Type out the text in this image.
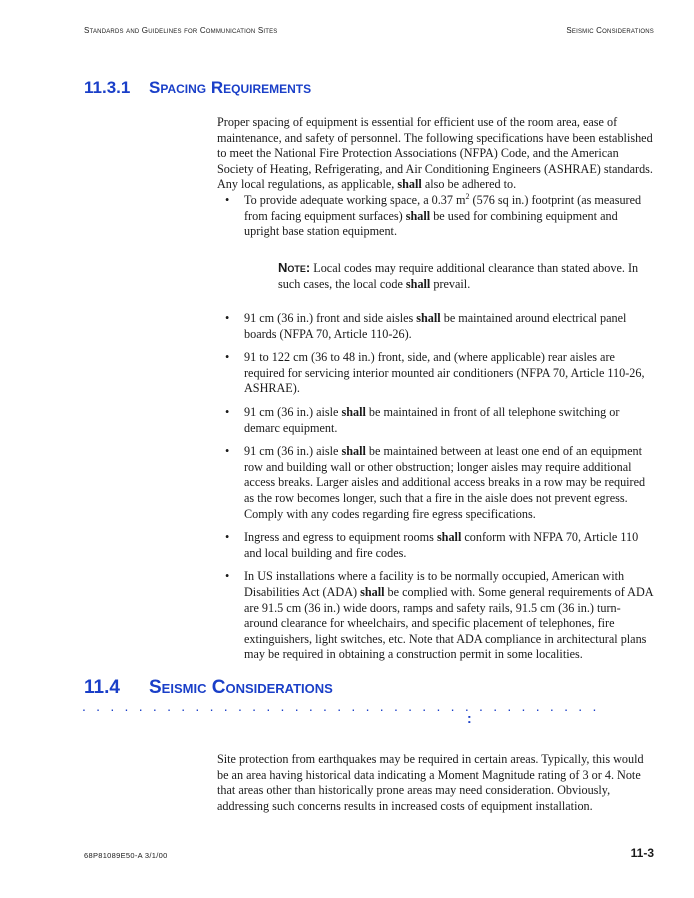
Standards and Guidelines for Communication Sites	Seismic Considerations
11.3.1 Spacing Requirements
Proper spacing of equipment is essential for efficient use of the room area, ease of maintenance, and safety of personnel. The following specifications have been established to meet the National Fire Protection Associations (NFPA) Code, and the American Society of Heating, Refrigerating, and Air Conditioning Engineers (ASHRAE) standards. Any local regulations, as applicable, shall also be adhered to.
• To provide adequate working space, a 0.37 $m^2$ (576 sq in.) footprint (as measured from facing equipment surfaces) shall be used for combining equipment and upright base station equipment.
Note: Local codes may require additional clearance than stated above. In such cases, the local code shall prevail.
• 91 cm (36 in.) front and side aisles shall be maintained around electrical panel boards (NFPA 70, Article 110-26).
• 91 to 122 cm (36 to 48 in.) front, side, and (where applicable) rear aisles are required for servicing interior mounted air conditioners (NFPA 70, Article 110-26, ASHRAE).
• 91 cm (36 in.) aisle shall be maintained in front of all telephone switching or demarc equipment.
• 91 cm (36 in.) aisle shall be maintained between at least one end of an equipment row and building wall or other obstruction; longer aisles may require additional access breaks. Larger aisles and additional access breaks in a row may be required as the row becomes longer, such that a fire in the aisle does not prevent egress. Comply with any codes regarding fire egress specifications.
• Ingress and egress to equipment rooms shall conform with NFPA 70, Article 110 and local building and fire codes.
• In US installations where a facility is to be normally occupied, American with Disabilities Act (ADA) shall be complied with. Some general requirements of ADA are 91.5 cm (36 in.) wide doors, ramps and safety rails, 91.5 cm (36 in.) turn-around clearance for wheelchairs, and specific placement of telephones, fire extinguishers, light switches, etc. Note that ADA compliance in architectural plans may be required in obtaining a construction permit in some localities.
11.4 Seismic Considerations
. . . . . . . . . . . . . . . . . . . . . . . . . . . . . . . . . . . . .
:
Site protection from earthquakes may be required in certain areas. Typically, this would be an area having historical data indicating a Moment Magnitude rating of 3 or 4. Note that areas other than historically prone areas may need consideration. Obviously, addressing such concerns results in increased costs of equipment installation.
68P81089E50-A 3/1/00	11-3
